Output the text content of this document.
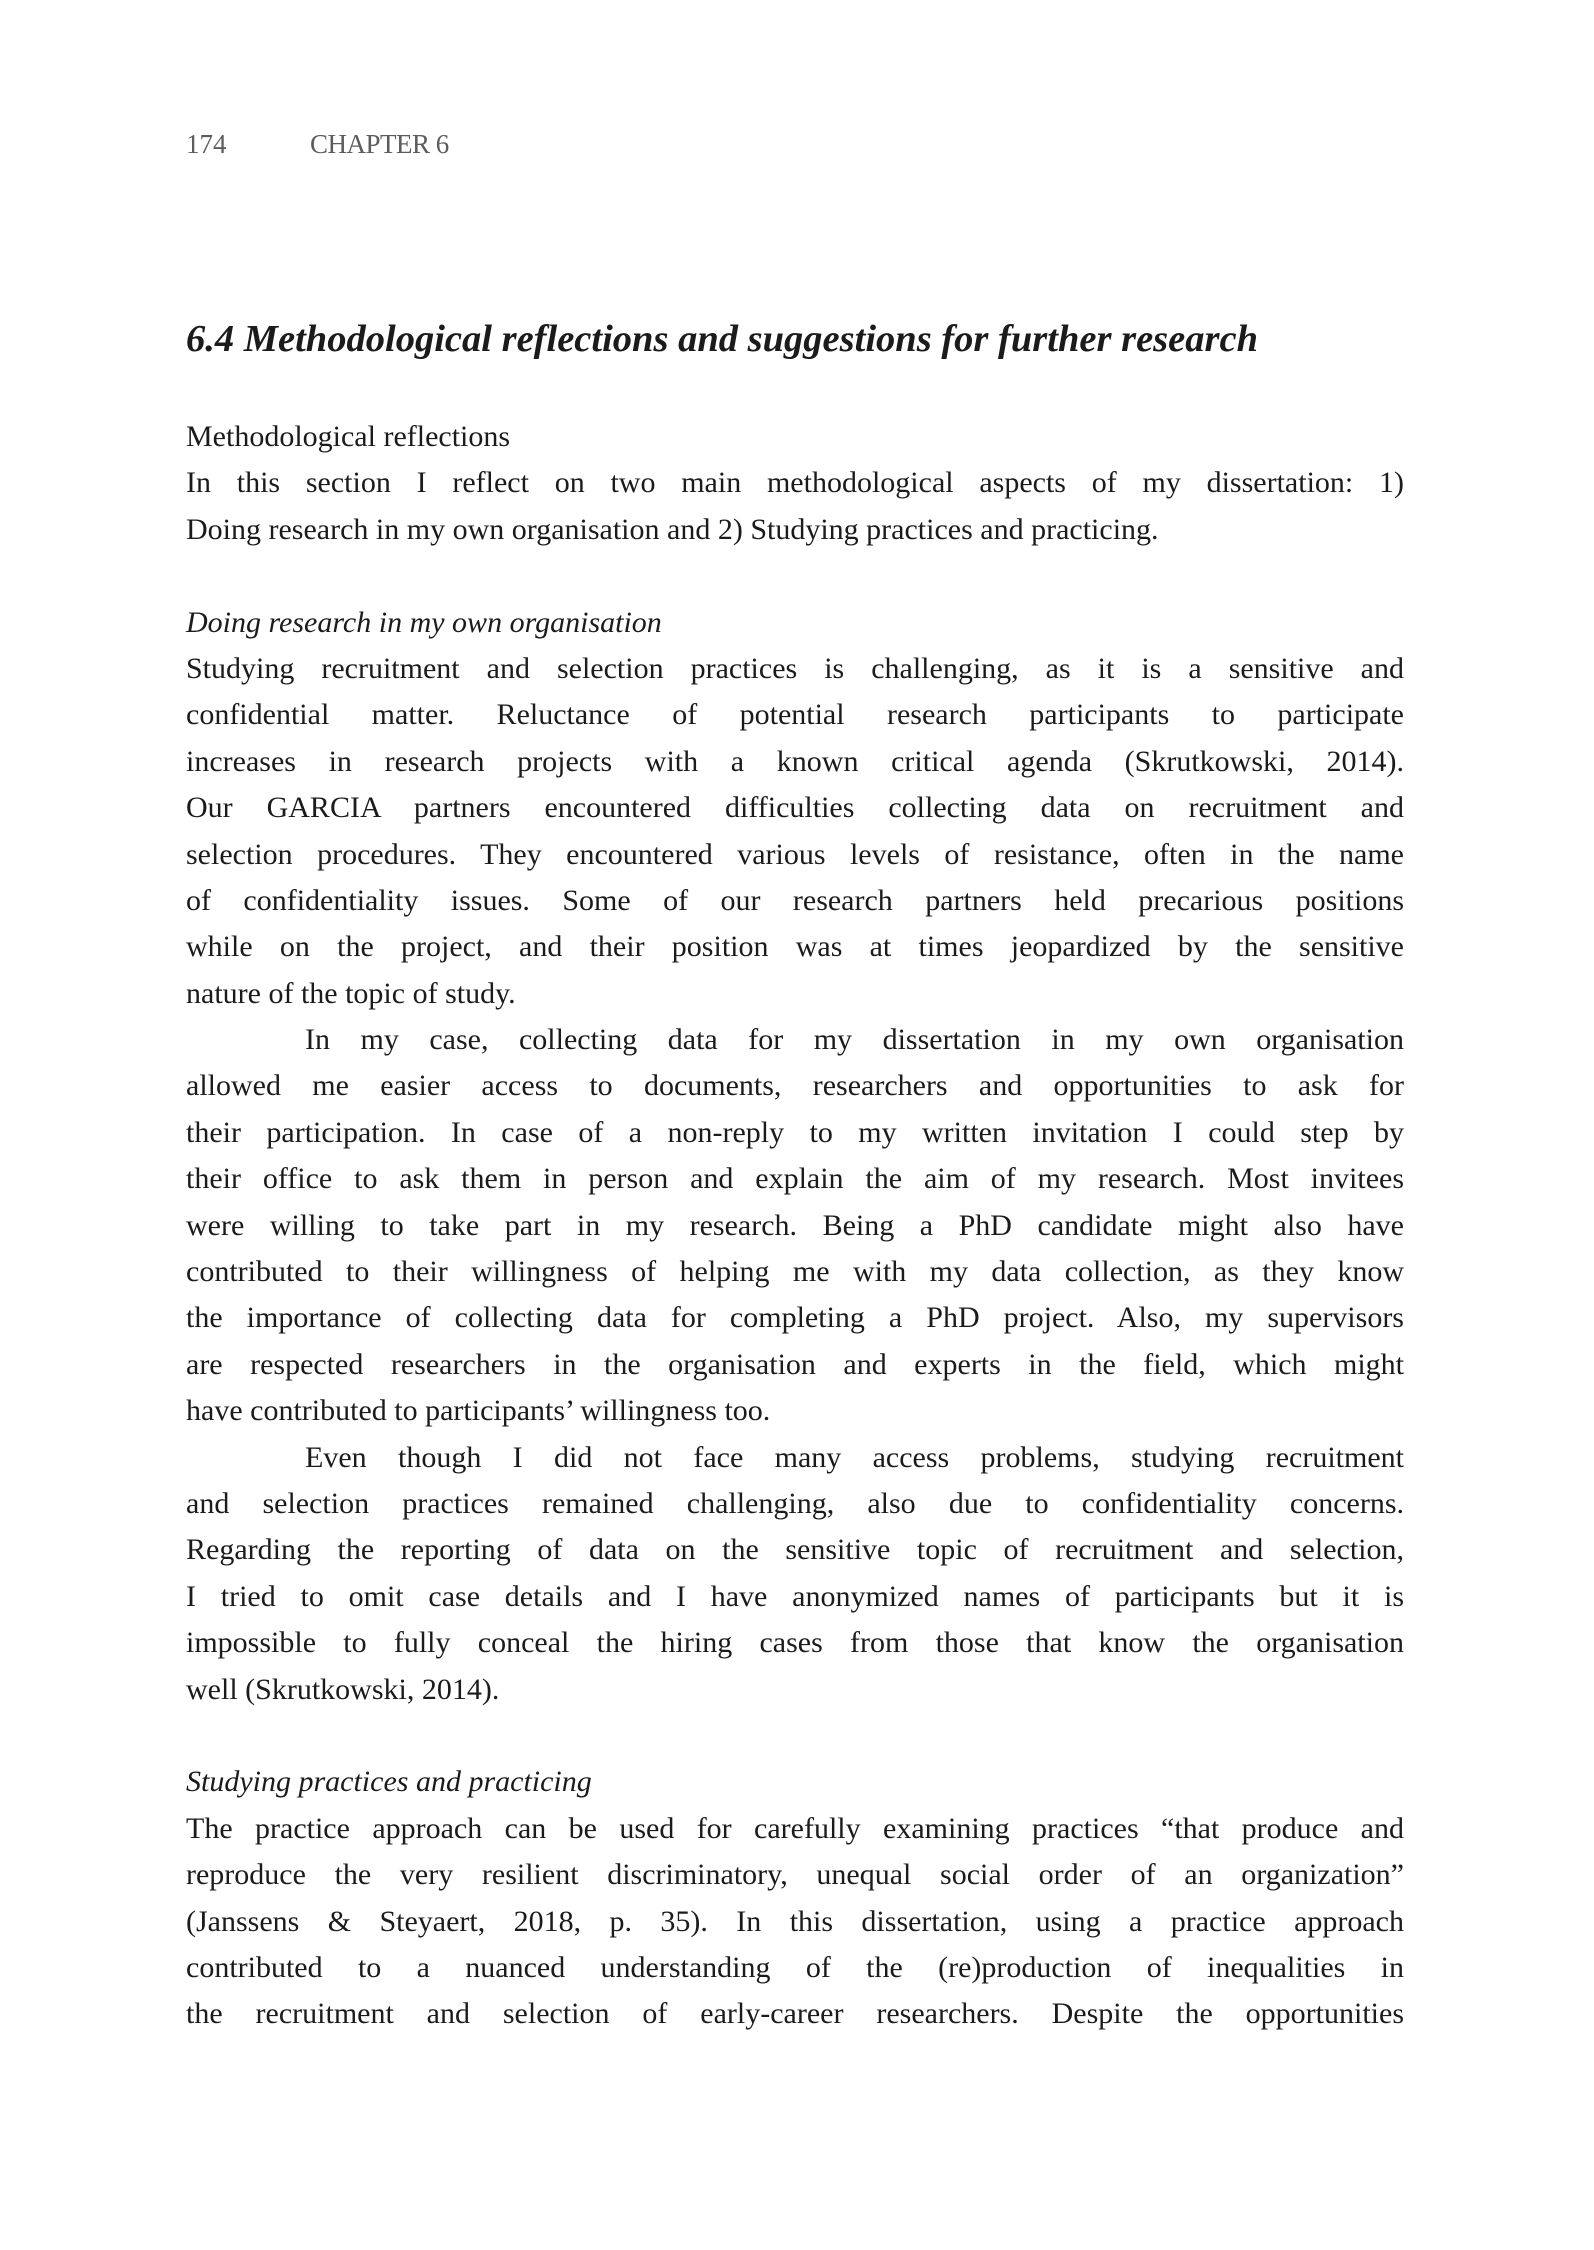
174	CHAPTER 6
6.4 Methodological reflections and suggestions for further research
Methodological reflections
In this section I reflect on two main methodological aspects of my dissertation: 1)
Doing research in my own organisation and 2) Studying practices and practicing.
Doing research in my own organisation
Studying recruitment and selection practices is challenging, as it is a sensitive and
confidential matter. Reluctance of potential research participants to participate
increases in research projects with a known critical agenda (Skrutkowski, 2014).
Our GARCIA partners encountered difficulties collecting data on recruitment and
selection procedures. They encountered various levels of resistance, often in the name
of confidentiality issues. Some of our research partners held precarious positions
while on the project, and their position was at times jeopardized by the sensitive
nature of the topic of study.
In my case, collecting data for my dissertation in my own organisation
allowed me easier access to documents, researchers and opportunities to ask for
their participation. In case of a non-reply to my written invitation I could step by
their office to ask them in person and explain the aim of my research. Most invitees
were willing to take part in my research. Being a PhD candidate might also have
contributed to their willingness of helping me with my data collection, as they know
the importance of collecting data for completing a PhD project. Also, my supervisors
are respected researchers in the organisation and experts in the field, which might
have contributed to participants’ willingness too.
Even though I did not face many access problems, studying recruitment
and selection practices remained challenging, also due to confidentiality concerns.
Regarding the reporting of data on the sensitive topic of recruitment and selection,
I tried to omit case details and I have anonymized names of participants but it is
impossible to fully conceal the hiring cases from those that know the organisation
well (Skrutkowski, 2014).
Studying practices and practicing
The practice approach can be used for carefully examining practices “that produce and
reproduce the very resilient discriminatory, unequal social order of an organization”
(Janssens & Steyaert, 2018, p. 35). In this dissertation, using a practice approach
contributed to a nuanced understanding of the (re)production of inequalities in
the recruitment and selection of early-career researchers. Despite the opportunities
